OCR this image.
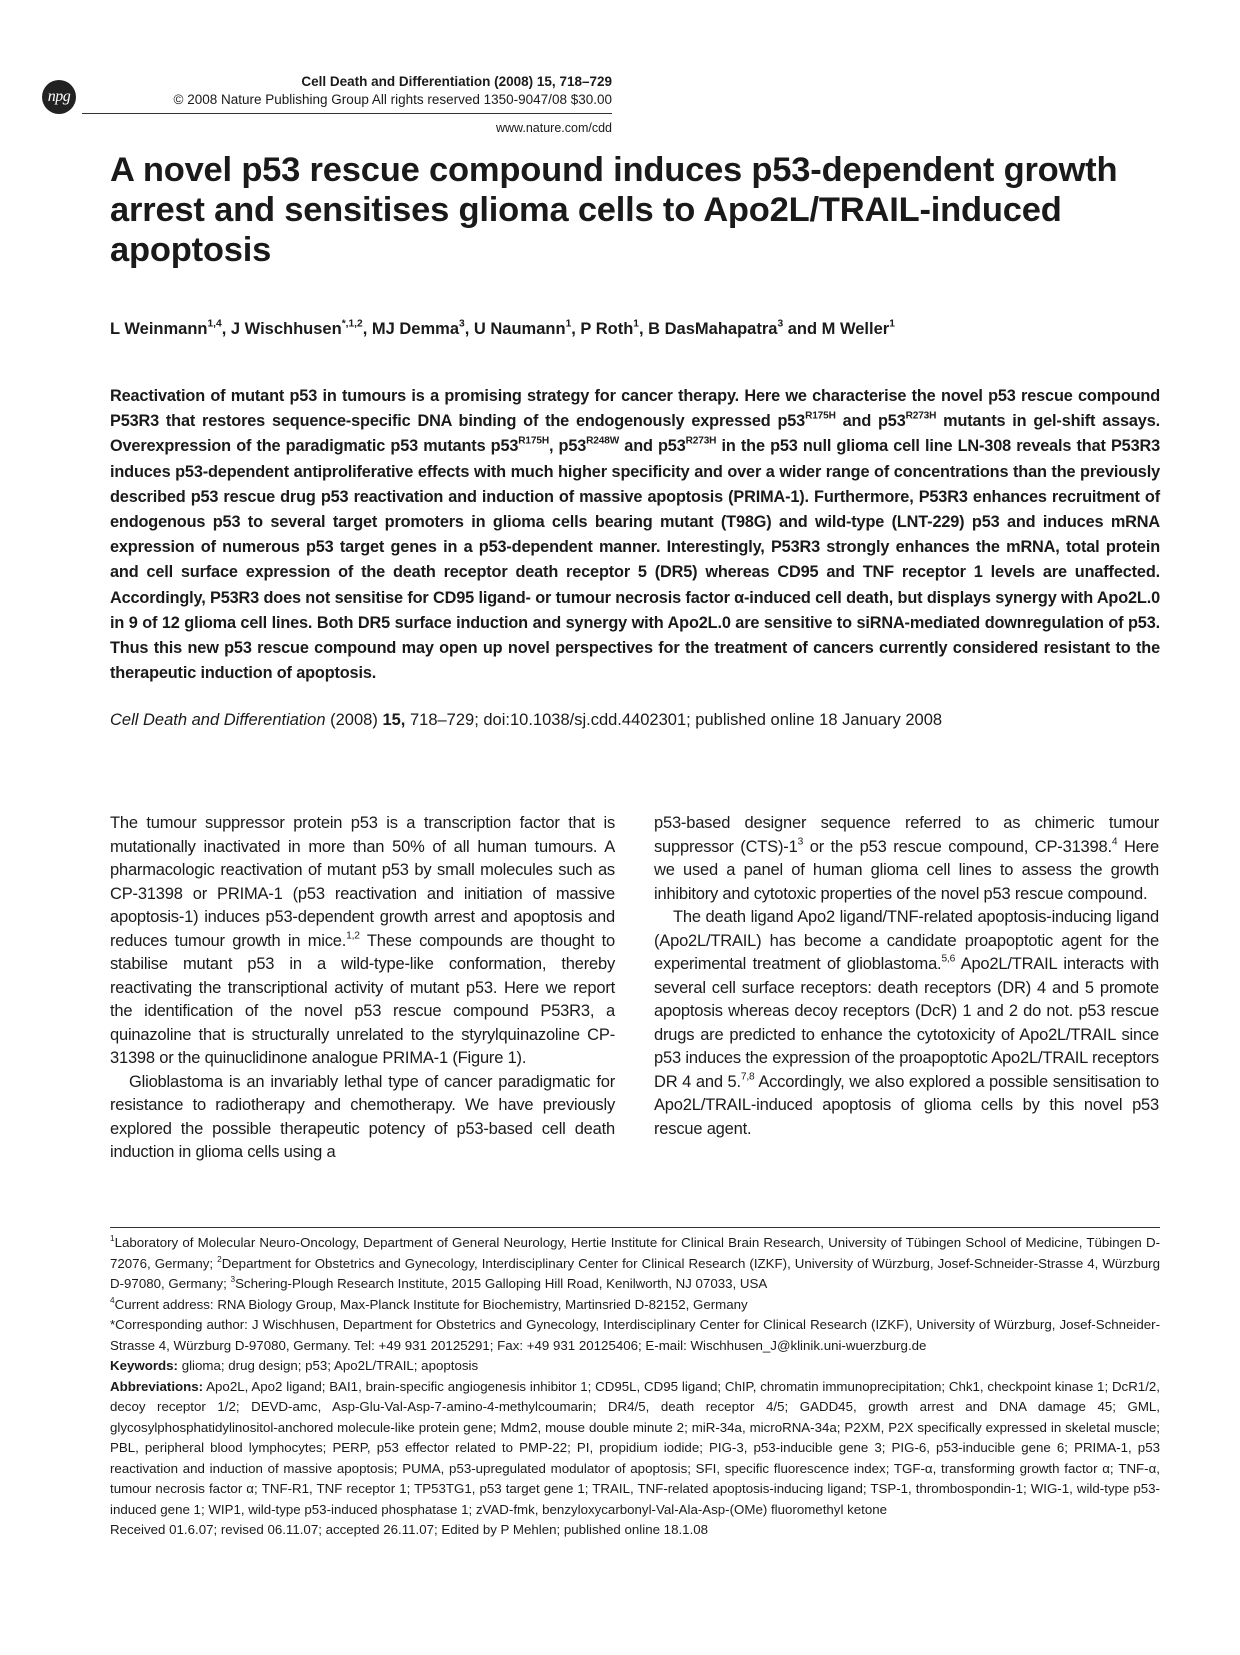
npg
Cell Death and Differentiation (2008) 15, 718–729
© 2008 Nature Publishing Group All rights reserved 1350-9047/08 $30.00
www.nature.com/cdd
A novel p53 rescue compound induces p53-dependent growth arrest and sensitises glioma cells to Apo2L/TRAIL-induced apoptosis
L Weinmann$^{1,4}$, J Wischhusen$^{*,1,2}$, MJ Demma$^3$, U Naumann$^1$, P Roth$^1$, B DasMahapatra$^3$ and M Weller$^1$

Reactivation of mutant p53 in tumours is a promising strategy for cancer therapy. Here we characterise the novel p53 rescue compound P53R3 that restores sequence-specific DNA binding of the endogenously expressed $p53^{R175H}$ and $p53^{R273H}$ mutants in gel-shift assays. Overexpression of the paradigmatic p53 mutants $p53^{R175H}$, $p53^{R248W}$ and $p53^{R273H}$ in the p53 null glioma cell line LN-308 reveals that P53R3 induces p53-dependent antiproliferative effects with much higher specificity and over a wider range of concentrations than the previously described p53 rescue drug p53 reactivation and induction of massive apoptosis (PRIMA-1). Furthermore, P53R3 enhances recruitment of endogenous p53 to several target promoters in glioma cells bearing mutant (T98G) and wild-type (LNT-229) p53 and induces mRNA expression of numerous p53 target genes in a p53-dependent manner. Interestingly, P53R3 strongly enhances the mRNA, total protein and cell surface expression of the death receptor death receptor 5 (DR5) whereas CD95 and TNF receptor 1 levels are unaffected. Accordingly, P53R3 does not sensitise for CD95 ligand- or tumour necrosis factor α-induced cell death, but displays synergy with Apo2L.0 in 9 of 12 glioma cell lines. Both DR5 surface induction and synergy with Apo2L.0 are sensitive to siRNA-mediated downregulation of p53. Thus this new p53 rescue compound may open up novel perspectives for the treatment of cancers currently considered resistant to the therapeutic induction of apoptosis.

Cell Death and Differentiation (2008) 15, 718–729; doi:10.1038/sj.cdd.4402301; published online 18 January 2008

The tumour suppressor protein p53 is a transcription factor that is mutationally inactivated in more than 50% of all human tumours. A pharmacologic reactivation of mutant p53 by small molecules such as CP-31398 or PRIMA-1 (p53 reactivation and initiation of massive apoptosis-1) induces p53-dependent growth arrest and apoptosis and reduces tumour growth in mice.$^{1,2}$ These compounds are thought to stabilise mutant p53 in a wild-type-like conformation, thereby reactivating the transcriptional activity of mutant p53. Here we report the identification of the novel p53 rescue compound P53R3, a quinazoline that is structurally unrelated to the styrylquinazoline CP-31398 or the quinuclidinone analogue PRIMA-1 (Figure 1).

Glioblastoma is an invariably lethal type of cancer paradigmatic for resistance to radiotherapy and chemotherapy. We have previously explored the possible therapeutic potency of p53-based cell death induction in glioma cells using a

p53-based designer sequence referred to as chimeric tumour suppressor $(CTS)-1^3$ or the p53 rescue compound, CP-31398.$^4$ Here we used a panel of human glioma cell lines to assess the growth inhibitory and cytotoxic properties of the novel p53 rescue compound.

The death ligand Apo2 ligand/TNF-related apoptosis-inducing ligand (Apo2L/TRAIL) has become a candidate proapoptotic agent for the experimental treatment of glioblastoma.$^{5,6}$ Apo2L/TRAIL interacts with several cell surface receptors: death receptors (DR) 4 and 5 promote apoptosis whereas decoy receptors (DcR) 1 and 2 do not. p53 rescue drugs are predicted to enhance the cytotoxicity of Apo2L/TRAIL since p53 induces the expression of the proapoptotic Apo2L/TRAIL receptors DR 4 and 5.$^{7,8}$ Accordingly, we also explored a possible sensitisation to Apo2L/TRAIL-induced apoptosis of glioma cells by this novel p53 rescue agent.

$^1$Laboratory of Molecular Neuro-Oncology, Department of General Neurology, Hertie Institute for Clinical Brain Research, University of Tübingen School of Medicine, Tübingen D-72076, Germany; $^2$Department for Obstetrics and Gynecology, Interdisciplinary Center for Clinical Research (IZKF), University of Würzburg, Josef-Schneider-Strasse 4, Würzburg D-97080, Germany; $^3$Schering-Plough Research Institute, 2015 Galloping Hill Road, Kenilworth, NJ 07033, USA

$^4$Current address: RNA Biology Group, Max-Planck Institute for Biochemistry, Martinsried D-82152, Germany

*Corresponding author: J Wischhusen, Department for Obstetrics and Gynecology, Interdisciplinary Center for Clinical Research (IZKF), University of Würzburg, Josef-Schneider-Strasse 4, Würzburg D-97080, Germany. Tel: +49 931 20125291; Fax: +49 931 20125406; E-mail: Wischhusen_J@klinik.uni-wuerzburg.de

Keywords: glioma; drug design; p53; Apo2L/TRAIL; apoptosis

Abbreviations: Apo2L, Apo2 ligand; BAI1, brain-specific angiogenesis inhibitor 1; CD95L, CD95 ligand; ChIP, chromatin immunoprecipitation; Chk1, checkpoint kinase 1; DcR1/2, decoy receptor 1/2; DEVD-amc, Asp-Glu-Val-Asp-7-amino-4-methylcoumarin; DR4/5, death receptor 4/5; GADD45, growth arrest and DNA damage 45; GML, glycosylphosphatidylinositol-anchored molecule-like protein gene; Mdm2, mouse double minute 2; miR-34a, microRNA-34a; P2XM, P2X specifically expressed in skeletal muscle; PBL, peripheral blood lymphocytes; PERP, p53 effector related to PMP-22; PI, propidium iodide; PIG-3, p53-inducible gene 3; PIG-6, p53-inducible gene 6; PRIMA-1, p53 reactivation and induction of massive apoptosis; PUMA, p53-upregulated modulator of apoptosis; SFI, specific fluorescence index; TGF-α, transforming growth factor α; TNF-α, tumour necrosis factor α; TNF-R1, TNF receptor 1; TP53TG1, p53 target gene 1; TRAIL, TNF-related apoptosis-inducing ligand; TSP-1, thrombospondin-1; WIG-1, wild-type p53-induced gene 1; WIP1, wild-type p53-induced phosphatase 1; zVAD-fmk, benzyloxycarbonyl-Val-Ala-Asp-(OMe) fluoromethyl ketone

Received 01.6.07; revised 06.11.07; accepted 26.11.07; Edited by P Mehlen; published online 18.1.08
